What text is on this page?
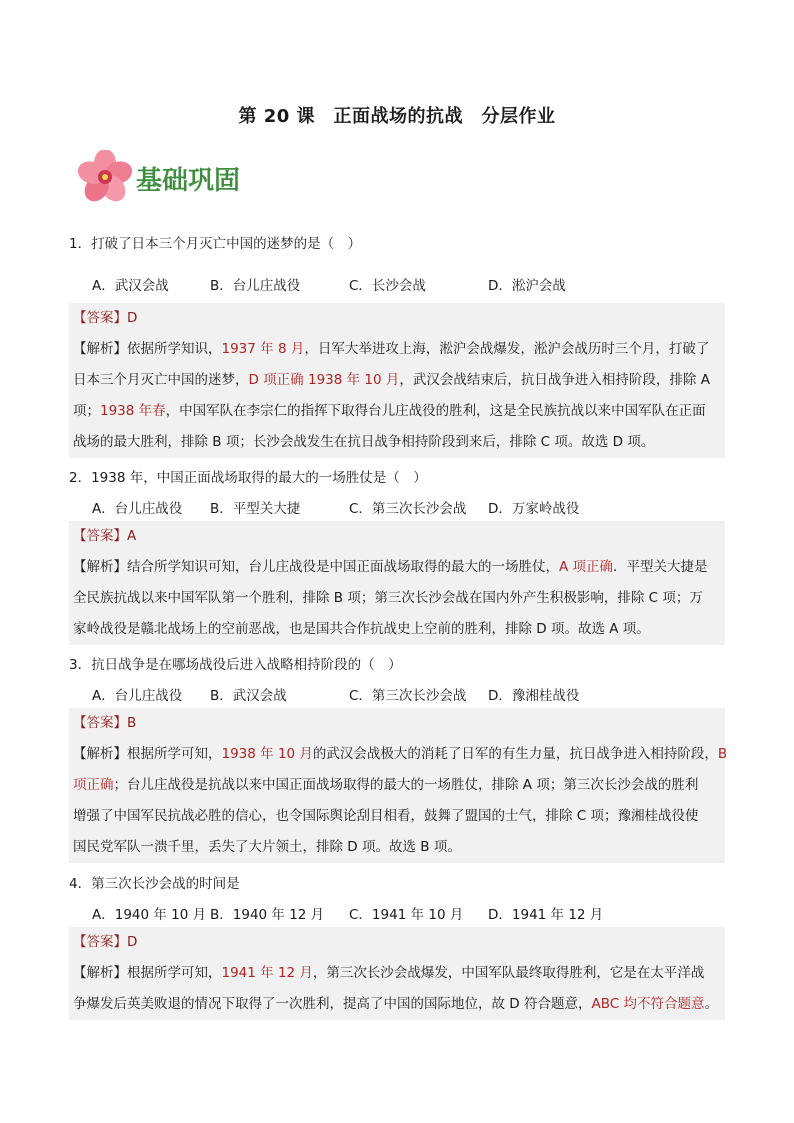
第 20 课　正面战场的抗战　分层作业
基础巩固
1．打破了日本三个月灭亡中国的迷梦的是（　）
A．武汉会战	B．台儿庄战役	C．长沙会战	D．淞沪会战
【答案】D
【解析】依据所学知识，1937 年 8 月，日军大举进攻上海，淞沪会战爆发，淞沪会战历时三个月，打破了
日本三个月灭亡中国的迷梦，D 项正确 1938 年 10 月，武汉会战结束后，抗日战争进入相持阶段，排除 A
项；1938 年春，中国军队在李宗仁的指挥下取得台儿庄战役的胜利，这是全民族抗战以来中国军队在正面
战场的最大胜利，排除 B 项；长沙会战发生在抗日战争相持阶段到来后，排除 C 项。故选 D 项。
2．1938 年，中国正面战场取得的最大的一场胜仗是（　）
A．台儿庄战役 B．平型关大捷	C．第三次长沙会战 D．万家岭战役
【答案】A
【解析】结合所学知识可知，台儿庄战役是中国正面战场取得的最大的一场胜仗，A 项正确．平型关大捷是
全民族抗战以来中国军队第一个胜利，排除 B 项；第三次长沙会战在国内外产生积极影响，排除 C 项；万
家岭战役是赣北战场上的空前恶战，也是国共合作抗战史上空前的胜利，排除 D 项。故选 A 项。
3．抗日战争是在哪场战役后进入战略相持阶段的（　）
A．台儿庄战役 B．武汉会战	C．第三次长沙会战 D．豫湘桂战役
【答案】B
【解析】根据所学可知，1938 年 10 月的武汉会战极大的消耗了日军的有生力量，抗日战争进入相持阶段，B
项正确；台儿庄战役是抗战以来中国正面战场取得的最大的一场胜仗，排除 A 项；第三次长沙会战的胜利
增强了中国军民抗战必胜的信心，也令国际舆论刮目相看，鼓舞了盟国的士气，排除 C 项；豫湘桂战役使
国民党军队一溃千里，丢失了大片领土，排除 D 项。故选 B 项。
4．第三次长沙会战的时间是
A．1940 年 10 月 B．1940 年 12 月 C．1941 年 10 月 D．1941 年 12 月
【答案】D
【解析】根据所学可知，1941 年 12 月，第三次长沙会战爆发，中国军队最终取得胜利，它是在太平洋战
争爆发后英美败退的情况下取得了一次胜利，提高了中国的国际地位，故 D 符合题意，ABC 均不符合题意。
